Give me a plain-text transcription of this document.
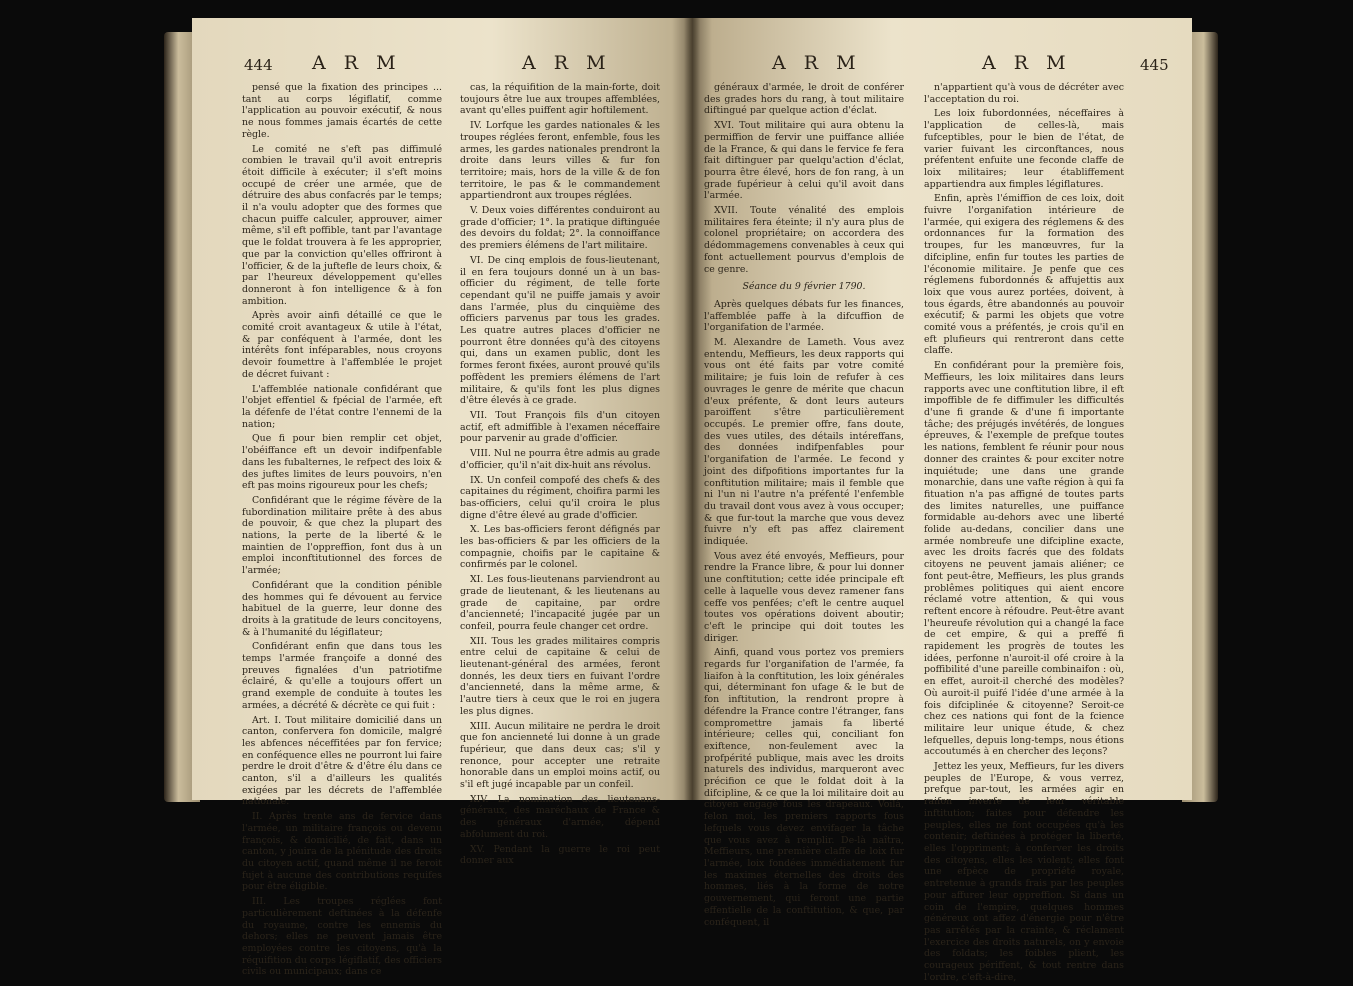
444 A R M	A R M

pensé que la fixation des principes ... tant au corps légiflatif, comme l'application au pouvoir exécutif, & nous ne nous fommes jamais écartés de cette règle.

Le comité ne s'eft pas diffimulé combien le travail qu'il avoit entrepris étoit difficile à exécuter; il s'eft moins occupé de créer une armée, que de détruire des abus confacrés par le temps; il n'a voulu adopter que des formes que chacun puiffe calculer, approuver, aimer même, s'il eft poffible, tant par l'avantage que le foldat trouvera à fe les approprier, que par la conviction qu'elles offriront à l'officier, & de la juftefle de leurs choix, & par l'heureux développement qu'elles donneront à fon intelligence & à fon ambition.

Après avoir ainfi détaillé ce que le comité croit avantageux & utile à l'état, & par conféquent à l'armée, dont les intérêts font inféparables, nous croyons devoir foumettre à l'affemblée le projet de décret fuivant :

L'affemblée nationale confidérant que l'objet effentiel & fpécial de l'armée, eft la défenfe de l'état contre l'ennemi de la nation;

Que fi pour bien remplir cet objet, l'obéiffance eft un devoir indifpenfable dans les fubalternes, le refpect des loix & des juftes limites de leurs pouvoirs, n'en eft pas moins rigoureux pour les chefs;

Confidérant que le régime févère de la fubordination militaire prête à des abus de pouvoir, & que chez la plupart des nations, la perte de la liberté & le maintien de l'oppreffion, font dus à un emploi inconftitutionnel des forces de l'armée;

Confidérant que la condition pénible des hommes qui fe dévouent au fervice habituel de la guerre, leur donne des droits à la gratitude de leurs concitoyens, & à l'humanité du légiflateur;

Confidérant enfin que dans tous les temps l'armée françoife a donné des preuves fignalées d'un patriotifme éclairé, & qu'elle a toujours offert un grand exemple de conduite à toutes les armées, a décrété & décrète ce qui fuit :

Art. I. Tout militaire domicilié dans un canton, confervera fon domicile, malgré les abfences néceffitées par fon fervice; en conféquence elles ne pourront lui faire perdre le droit d'être & d'être élu dans ce canton, s'il a d'ailleurs les qualités exigées par les décrets de l'affemblée nationale.

II. Après trente ans de fervice dans l'armée, un militaire françois ou devenu françois, & domicilié, de fait, dans un canton, y jouira de la plénitude des droits du citoyen actif, quand même il ne feroit fujet à aucune des contributions requifes pour être éligible.

III. Les troupes réglées font particulièrement deftinées à la défenfe du royaume, contre les ennemis du dehors; elles ne peuvent jamais être employées contre les citoyens, qu'à la réquifition du corps légiflatif, des officiers civils ou municipaux; dans ce

cas, la réquifition de la main-forte, doit toujours être lue aux troupes affemblées, avant qu'elles puiffent agir hoftilement.

IV. Lorfque les gardes nationales & les troupes réglées feront, enfemble, fous les armes, les gardes nationales prendront la droite dans leurs villes & fur fon territoire; mais, hors de la ville & de fon territoire, le pas & le commandement appartiendront aux troupes réglées.

V. Deux voies différentes conduiront au grade d'officier; 1°. la pratique diftinguée des devoirs du foldat; 2°. la connoiffance des premiers élémens de l'art militaire.

VI. De cinq emplois de fous-lieutenant, il en fera toujours donné un à un bas-officier du régiment, de telle forte cependant qu'il ne puiffe jamais y avoir dans l'armée, plus du cinquième des officiers parvenus par tous les grades. Les quatre autres places d'officier ne pourront être données qu'à des citoyens qui, dans un examen public, dont les formes feront fixées, auront prouvé qu'ils poffèdent les premiers élémens de l'art militaire, & qu'ils font les plus dignes d'être élevés à ce grade.

VII. Tout François fils d'un citoyen actif, eft admiffible à l'examen néceffaire pour parvenir au grade d'officier.

VIII. Nul ne pourra être admis au grade d'officier, qu'il n'ait dix-huit ans révolus.

IX. Un confeil compofé des chefs & des capitaines du régiment, choifira parmi les bas-officiers, celui qu'il croira le plus digne d'être élevé au grade d'officier.

X. Les bas-officiers feront défignés par les bas-officiers & par les officiers de la compagnie, choifis par le capitaine & confirmés par le colonel.

XI. Les fous-lieutenans parviendront au grade de lieutenant, & les lieutenans au grade de capitaine, par ordre d'ancienneté; l'incapacité jugée par un confeil, pourra feule changer cet ordre.

XII. Tous les grades militaires compris entre celui de capitaine & celui de lieutenant-général des armées, feront donnés, les deux tiers en fuivant l'ordre d'ancienneté, dans la même arme, & l'autre tiers à ceux que le roi en jugera les plus dignes.

XIII. Aucun militaire ne perdra le droit que fon ancienneté lui donne à un grade fupérieur, que dans deux cas; s'il y renonce, pour accepter une retraite honorable dans un emploi moins actif, ou s'il eft jugé incapable par un confeil.

XIV. La nomination des lieutenans-généraux, des maréchaux de France & des généraux d'armée, dépend abfolument du roi.

XV. Pendant la guerre le roi peut donner aux

A R M	A R M	445

généraux d'armée, le droit de conférer des grades hors du rang, à tout militaire diftingué par quelque action d'éclat.

XVI. Tout militaire qui aura obtenu la permiffion de fervir une puiffance alliée de la France, & qui dans le fervice fe fera fait diftinguer par quelqu'action d'éclat, pourra être élevé, hors de fon rang, à un grade fupérieur à celui qu'il avoit dans l'armée.

XVII. Toute vénalité des emplois militaires fera éteinte; il n'y aura plus de colonel propriétaire; on accordera des dédommagemens convenables à ceux qui font actuellement pourvus d'emplois de ce genre.

Séance du 9 février 1790.

Après quelques débats fur les finances, l'affemblée paffe à la difcuffion de l'organifation de l'armée.

M. Alexandre de Lameth. Vous avez entendu, Meffieurs, les deux rapports qui vous ont été faits par votre comité militaire; je fuis loin de refufer à ces ouvrages le genre de mérite que chacun d'eux préfente, & dont leurs auteurs paroiffent s'être particulièrement occupés. Le premier offre, fans doute, des vues utiles, des détails intéreffans, des données indifpenfables pour l'organifation de l'armée. Le fecond y joint des difpofitions importantes fur la conftitution militaire; mais il femble que ni l'un ni l'autre n'a préfenté l'enfemble du travail dont vous avez à vous occuper; & que fur-tout la marche que vous devez fuivre n'y eft pas affez clairement indiquée.

Vous avez été envoyés, Meffieurs, pour rendre la France libre, & pour lui donner une conftitution; cette idée principale eft celle à laquelle vous devez ramener fans ceffe vos penfées; c'eft le centre auquel toutes vos opérations doivent aboutir; c'eft le principe qui doit toutes les diriger.

Ainfi, quand vous portez vos premiers regards fur l'organifation de l'armée, fa liaifon à la conftitution, les loix générales qui, déterminant fon ufage & le but de fon inftitution, la rendront propre à défendre la France contre l'étranger, fans compromettre jamais fa liberté intérieure; celles qui, conciliant fon exiftence, non-feulement avec la profpérité publique, mais avec les droits naturels des individus, marqueront avec précifion ce que le foldat doit à la difcipline, & ce que la loi militaire doit au citoyen engagé fous les drapeaux. Voilà, felon moi, les premiers rapports fous lefquels vous devez envifager la tâche que vous avez à remplir. De-là naîtra, Meffieurs, une première claffe de loix fur l'armée, loix fondées immédiatement fur les maximes éternelles des droits des hommes, liés à la forme de notre gouvernement, qui feront une partie effentielle de la conftitution, & que, par conféquent, il

n'appartient qu'à vous de décréter avec l'acceptation du roi.

Les loix fubordonnées, néceffaires à l'application de celles-là, mais fufceptibles, pour le bien de l'état, de varier fuivant les circonftances, nous préfentent enfuite une feconde claffe de loix militaires; leur établiffement appartiendra aux fimples légiflatures.

Enfin, après l'émiffion de ces loix, doit fuivre l'organifation intérieure de l'armée, qui exigera des réglemens & des ordonnances fur la formation des troupes, fur les manœuvres, fur la difcipline, enfin fur toutes les parties de l'économie militaire. Je penfe que ces réglemens fubordonnés & affujettis aux loix que vous aurez portées, doivent, à tous égards, être abandonnés au pouvoir exécutif; & parmi les objets que votre comité vous a préfentés, je crois qu'il en eft plufieurs qui rentreront dans cette claffe.

En confidérant pour la première fois, Meffieurs, les loix militaires dans leurs rapports avec une conftitution libre, il eft impoffible de fe diffimuler les difficultés d'une fi grande & d'une fi importante tâche; des préjugés invétérés, de longues épreuves, & l'exemple de prefque toutes les nations, femblent fe réunir pour nous donner des craintes & pour exciter notre inquiétude; une dans une grande monarchie, dans une vafte région à qui fa fituation n'a pas affigné de toutes parts des limites naturelles, une puiffance formidable au-dehors avec une liberté folide au-dedans, concilier dans une armée nombreufe une difcipline exacte, avec les droits facrés que des foldats citoyens ne peuvent jamais aliéner; ce font peut-être, Meffieurs, les plus grands problêmes politiques qui aient encore réclamé votre attention, & qui vous reftent encore à réfoudre. Peut-être avant l'heureufe révolution qui a changé la face de cet empire, & qui a preffé fi rapidement les progrès de toutes les idées, perfonne n'auroit-il ofé croire à la poffibilité d'une pareille combinaifon : où, en effet, auroit-il cherché des modèles? Où auroit-il puifé l'idée d'une armée à la fois difciplinée & citoyenne? Seroit-ce chez ces nations qui font de la fcience militaire leur unique étude, & chez lefquelles, depuis long-temps, nous étions accoutumés à en chercher des leçons?

Jettez les yeux, Meffieurs, fur les divers peuples de l'Europe, & vous verrez, prefque par-tout, les armées agir en raifon inverfe de leur véritable inftitution; faites pour défendre les peuples, elles ne font occupées qu'à les contenir; deftinées à protéger la liberté, elles l'oppriment; à conferver les droits des citoyens, elles les violent; elles font une efpèce de propriété royale, entretenue à grands frais par les peuples pour affurer leur oppreffion. Si dans un coin de l'empire, quelques hommes généreux ont affez d'énergie pour n'être pas arrêtés par la crainte, & réclament l'exercice des droits naturels, on y envoie des foldats; les foibles plient, les courageux périffent, & tout rentre dans l'ordre, c'eft-à-dire,
